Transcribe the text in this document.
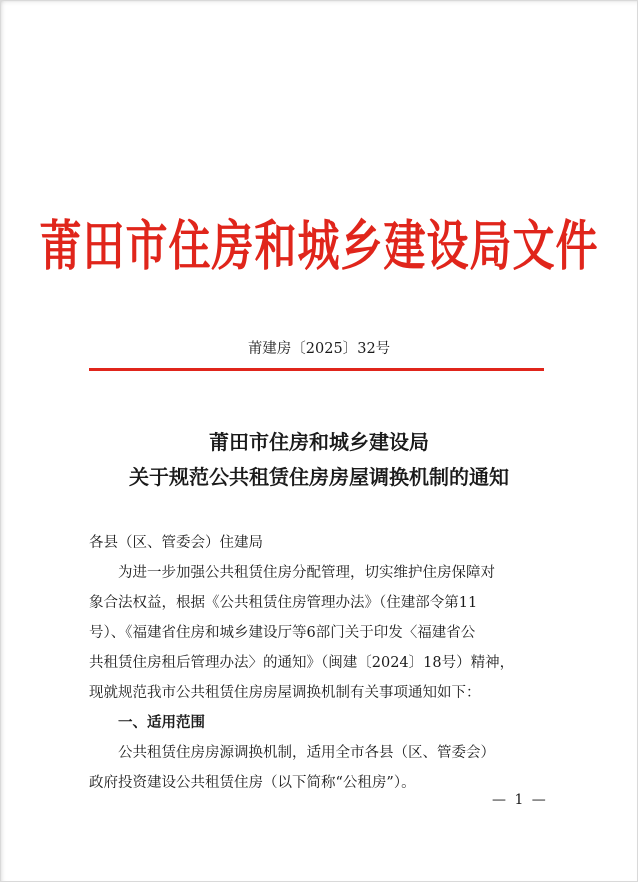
莆田市住房和城乡建设局文件
莆建房〔2025〕32号
莆田市住房和城乡建设局
关于规范公共租赁住房房屋调换机制的通知
各县（区、管委会）住建局
为进一步加强公共租赁住房分配管理，切实维护住房保障对
象合法权益，根据《公共租赁住房管理办法》（住建部令第11
号）、《福建省住房和城乡建设厅等6部门关于印发〈福建省公
共租赁住房租后管理办法〉的通知》（闽建〔2024〕18号）精神，
现就规范我市公共租赁住房房屋调换机制有关事项通知如下：
一、适用范围
公共租赁住房房源调换机制，适用全市各县（区、管委会）
政府投资建设公共租赁住房（以下简称“公租房”）。
— 1 —
